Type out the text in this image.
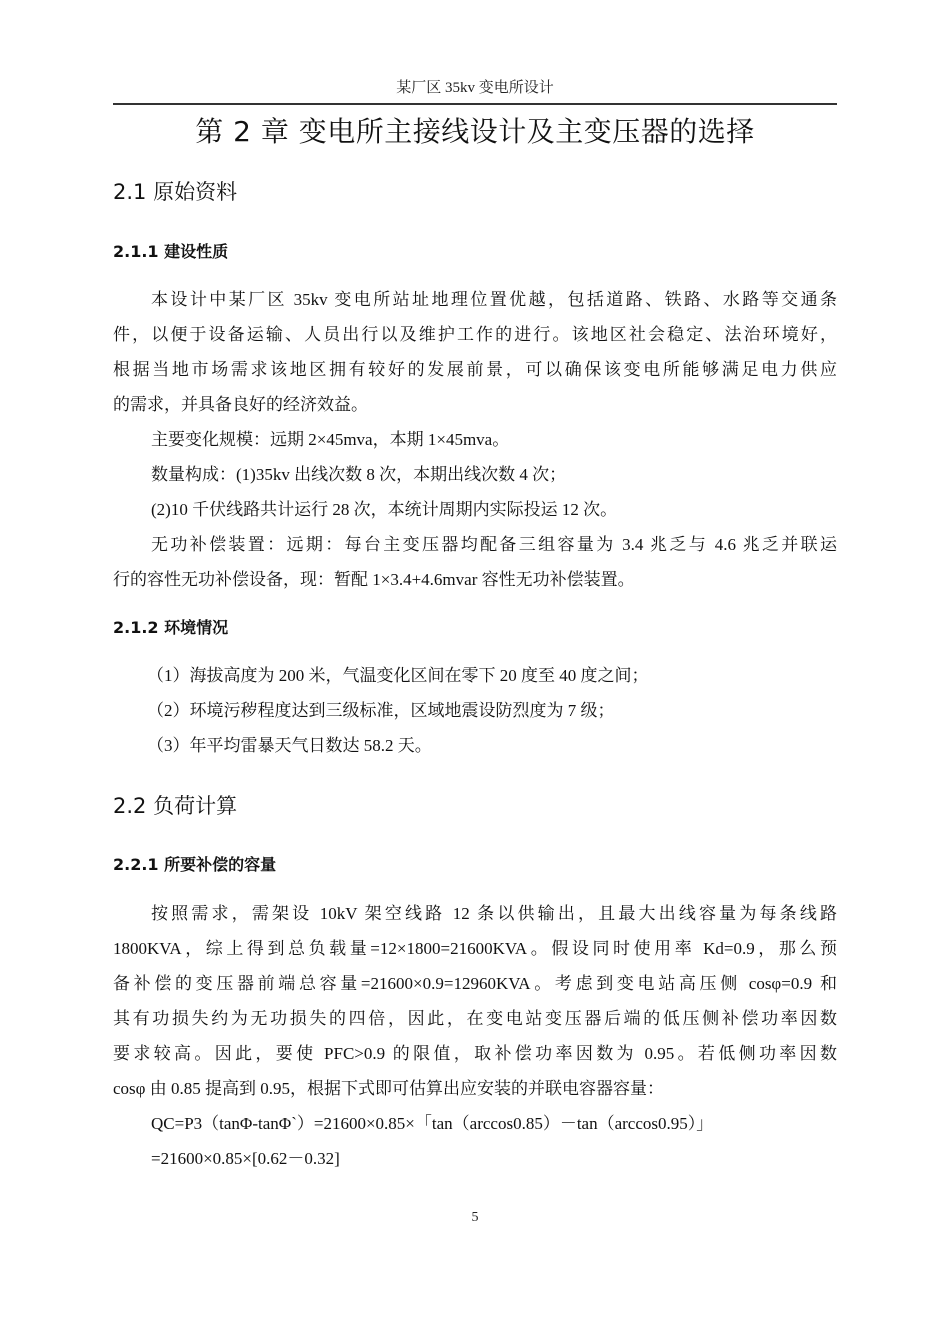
某厂区 35kv 变电所设计
第 2 章 变电所主接线设计及主变压器的选择
2.1 原始资料
2.1.1 建设性质
本设计中某厂区 35kv 变电所站址地理位置优越，包括道路、铁路、水路等交通条
件，以便于设备运输、人员出行以及维护工作的进行。该地区社会稳定、法治环境好，
根据当地市场需求该地区拥有较好的发展前景，可以确保该变电所能够满足电力供应
的需求，并具备良好的经济效益。
主要变化规模：远期 2×45mva，本期 1×45mva。
数量构成：(1)35kv 出线次数 8 次，本期出线次数 4 次；
(2)10 千伏线路共计运行 28 次，本统计周期内实际投运 12 次。
无功补偿装置：远期：每台主变压器均配备三组容量为 3.4 兆乏与 4.6 兆乏并联运
行的容性无功补偿设备，现：暂配 1×3.4+4.6mvar 容性无功补偿装置。
2.1.2 环境情况
（1）海拔高度为 200 米，气温变化区间在零下 20 度至 40 度之间；
（2）环境污秽程度达到三级标准，区域地震设防烈度为 7 级；
（3）年平均雷暴天气日数达 58.2 天。
2.2 负荷计算
2.2.1 所要补偿的容量
按照需求，需架设 10kV 架空线路 12 条以供输出，且最大出线容量为每条线路
1800KVA，综上得到总负载量=12×1800=21600KVA。假设同时使用率 Kd=0.9，那么预
备补偿的变压器前端总容量=21600×0.9=12960KVA。考虑到变电站高压侧 cosφ=0.9 和
其有功损失约为无功损失的四倍，因此，在变电站变压器后端的低压侧补偿功率因数
要求较高。因此，要使 PFC>0.9 的限值，取补偿功率因数为 0.95。若低侧功率因数
cosφ 由 0.85 提高到 0.95，根据下式即可估算出应安装的并联电容器容量：
QC=P3（tanΦ-tanΦ`）=21600×0.85×「tan（arccos0.85）－tan（arccos0.95）」
=21600×0.85×[0.62－0.32]
5
